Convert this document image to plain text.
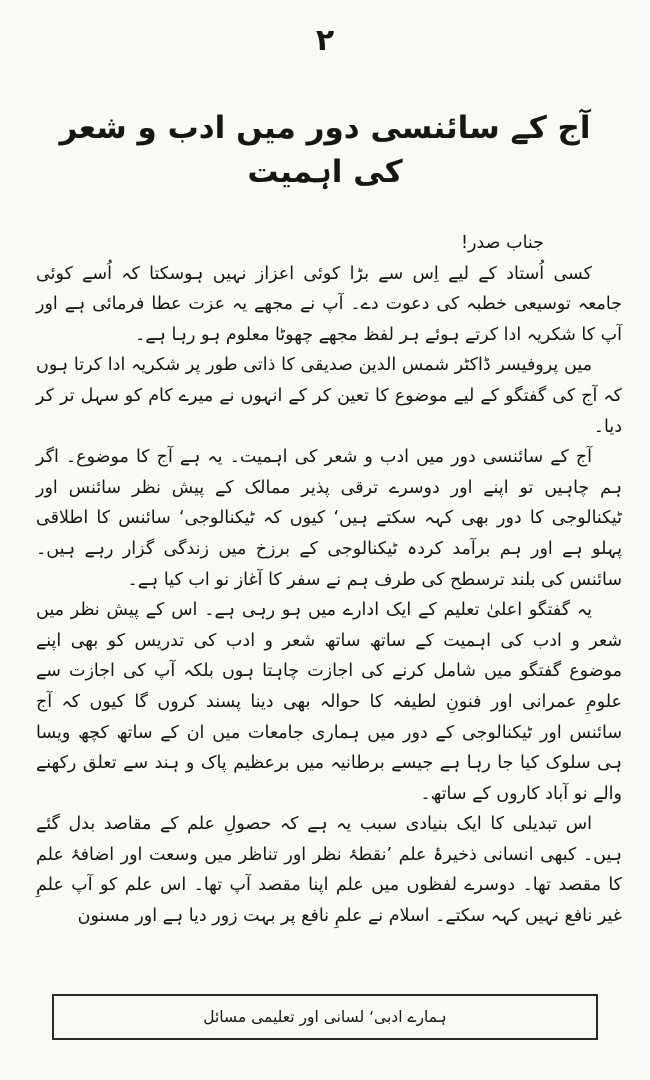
۲
آج کے سائنسی دور میں ادب و شعر کی اہمیت

جناب صدر!

کسی اُستاد کے لیے اِس سے بڑا کوئی اعزاز نہیں ہوسکتا کہ اُسے کوئی جامعہ توسیعی خطبہ کی دعوت دے۔ آپ نے مجھے یہ عزت عطا فرمائی ہے اور آپ کا شکریہ ادا کرتے ہوئے ہر لفظ مجھے چھوٹا معلوم ہو رہا ہے۔

میں پروفیسر ڈاکٹر شمس الدین صدیقی کا ذاتی طور پر شکریہ ادا کرتا ہوں کہ آج کی گفتگو کے لیے موضوع کا تعین کر کے انہوں نے میرے کام کو سہل تر کر دیا۔

آج کے سائنسی دور میں ادب و شعر کی اہمیت۔ یہ ہے آج کا موضوع۔ اگر ہم چاہیں تو اپنے اور دوسرے ترقی پذیر ممالک کے پیش نظر سائنس اور ٹیکنالوجی کا دور بھی کہہ سکتے ہیں‘ کیوں کہ ٹیکنالوجی‘ سائنس کا اطلاقی پہلو ہے اور ہم برآمد کردہ ٹیکنالوجی کے برزخ میں زندگی گزار رہے ہیں۔ سائنس کی بلند ترسطح کی طرف ہم نے سفر کا آغاز نو اب کیا ہے۔

یہ گفتگو اعلیٰ تعلیم کے ایک ادارے میں ہو رہی ہے۔ اس کے پیش نظر میں شعر و ادب کی اہمیت کے ساتھ ساتھ شعر و ادب کی تدریس کو بھی اپنے موضوع گفتگو میں شامل کرنے کی اجازت چاہتا ہوں بلکہ آپ کی اجازت سے علومِ عمرانی اور فنونِ لطیفہ کا حوالہ بھی دینا پسند کروں گا کیوں کہ آج سائنس اور ٹیکنالوجی کے دور میں ہماری جامعات میں ان کے ساتھ کچھ ویسا ہی سلوک کیا جا رہا ہے جیسے برطانیہ میں برعظیم پاک و ہند سے تعلق رکھنے والے نو آباد کاروں کے ساتھ۔

اس تبدیلی کا ایک بنیادی سبب یہ ہے کہ حصولِ علم کے مقاصد بدل گئے ہیں۔ کبھی انسانی ذخیرۂ علم ’نقطۂ نظر اور تناظر میں وسعت اور اضافۂ علم کا مقصد تھا۔ دوسرے لفظوں میں علم اپنا مقصد آپ تھا۔ اس علم کو آپ علمِ غیر نافع نہیں کہہ سکتے۔ اسلام نے علمِ نافع پر بہت زور دیا ہے اور مسنون

ہمارے ادبی‘ لسانی اور تعلیمی مسائل
